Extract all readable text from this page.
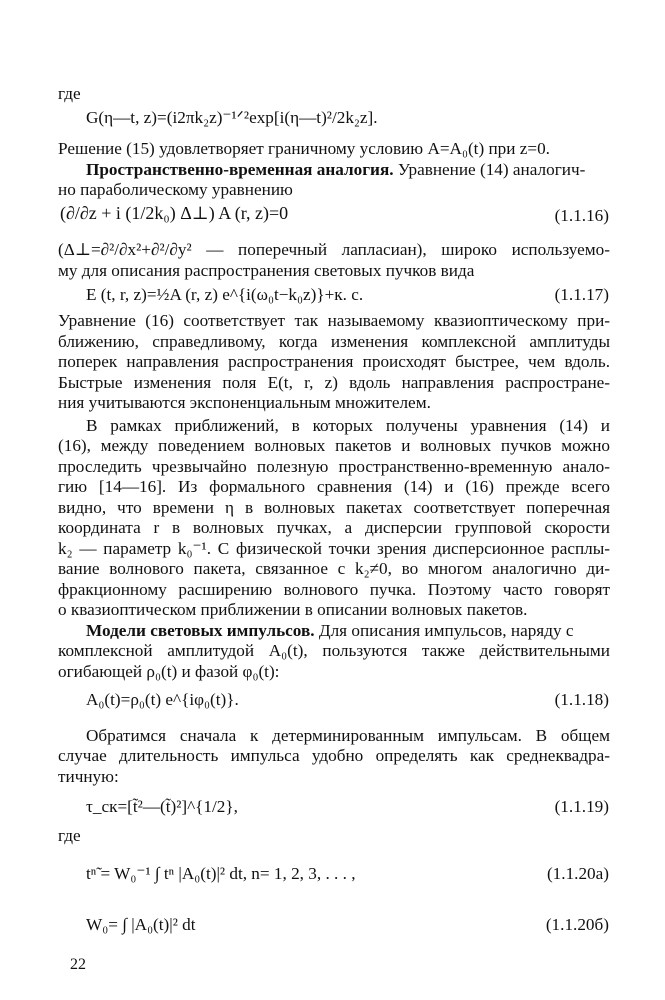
где
G(η—t, z)=(i2πk₂z)⁻¹ᐟ²exp[i(η—t)²/2k₂z].
Решение (15) удовлетворяет граничному условию A=A₀(t) при z=0.
Пространственно-временная аналогия. Уравнение (14) аналогич-
но параболическому уравнению
(∂/∂z + i (1/2k₀) Δ⊥) A (r, z)=0	(1.1.16)
(Δ⊥=∂²/∂x²+∂²/∂y² — поперечный лапласиан), широко используемо-
му для описания распространения световых пучков вида
E (t, r, z)=½A (r, z) e^{i(ω₀t−k₀z)}+к. с.	(1.1.17)
Уравнение (16) соответствует так называемому квазиоптическому при-
ближению, справедливому, когда изменения комплексной амплитуды
поперек направления распространения происходят быстрее, чем вдоль.
Быстрые изменения поля E(t, r, z) вдоль направления распростране-
ния учитываются экспоненциальным множителем.
В рамках приближений, в которых получены уравнения (14) и
(16), между поведением волновых пакетов и волновых пучков можно
проследить чрезвычайно полезную пространственно-временную анало-
гию [14—16]. Из формального сравнения (14) и (16) прежде всего
видно, что времени η в волновых пакетах соответствует поперечная
координата r в волновых пучках, а дисперсии групповой скорости
k₂ — параметр k₀⁻¹. С физической точки зрения дисперсионное расплы-
вание волнового пакета, связанное с k₂≠0, во многом аналогично ди-
фракционному расширению волнового пучка. Поэтому часто говорят
о квазиоптическом приближении в описании волновых пакетов.
Модели световых импульсов. Для описания импульсов, наряду с
комплексной амплитудой A₀(t), пользуются также действительными
огибающей ρ₀(t) и фазой φ₀(t):
A₀(t)=ρ₀(t) e^{iφ₀(t)}.	(1.1.18)
Обратимся сначала к детерминированным импульсам. В общем
случае длительность импульса удобно определять как среднеквадра-
тичную:
τ_ск=[t̃²—(t̃)²]^{1/2},	(1.1.19)
где
tⁿ̃ = W₀⁻¹ ∫ tⁿ |A₀(t)|² dt, n= 1, 2, 3, . . . ,	(1.1.20а)
W₀= ∫ |A₀(t)|² dt	(1.1.20б)
22
